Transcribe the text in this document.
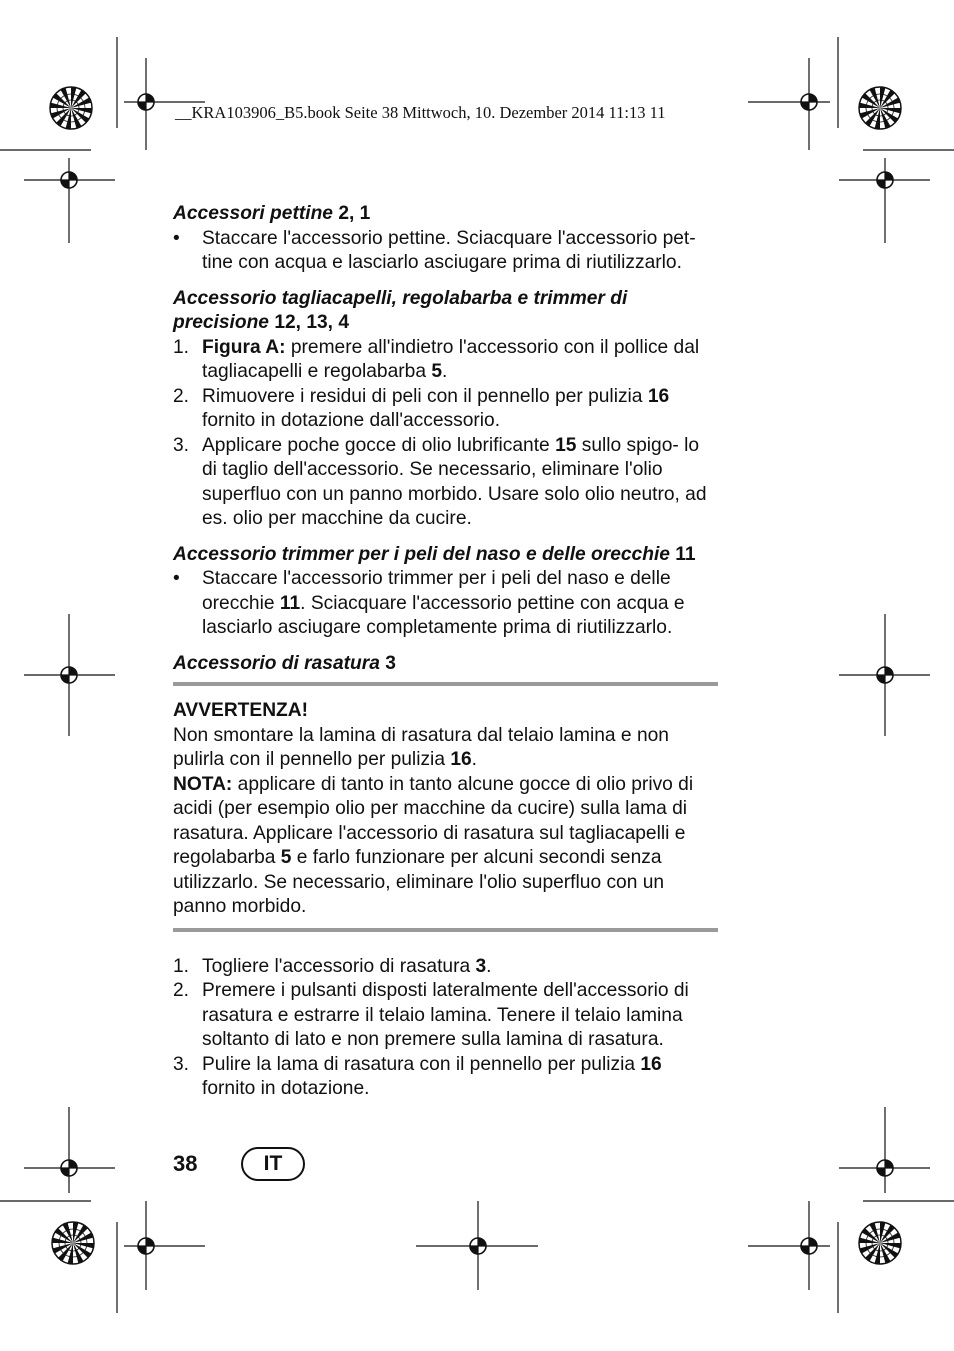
__KRA103906_B5.book Seite 38 Mittwoch, 10. Dezember 2014 11:13 11
Accessori pettine 2, 1
• Staccare l'accessorio pettine. Sciacquare l'accessorio pet- tine con acqua e lasciarlo asciugare prima di riutilizzarlo.
Accessorio tagliacapelli, regolabarba e trimmer di precisione 12, 13, 4
1. Figura A: premere all'indietro l'accessorio con il pollice dal tagliacapelli e regolabarba 5.
2. Rimuovere i residui di peli con il pennello per pulizia 16 fornito in dotazione dall'accessorio.
3. Applicare poche gocce di olio lubrificante 15 sullo spigo- lo di taglio dell'accessorio. Se necessario, eliminare l'olio superfluo con un panno morbido. Usare solo olio neutro, ad es. olio per macchine da cucire.
Accessorio trimmer per i peli del naso e delle orecchie 11
• Staccare l'accessorio trimmer per i peli del naso e delle orecchie 11. Sciacquare l'accessorio pettine con acqua e lasciarlo asciugare completamente prima di riutilizzarlo.
Accessorio di rasatura 3
AVVERTENZA!

Non smontare la lamina di rasatura dal telaio lamina e non pulirla con il pennello per pulizia 16.

NOTA: applicare di tanto in tanto alcune gocce di olio privo di acidi (per esempio olio per macchine da cucire) sulla lama di rasatura. Applicare l'accessorio di rasatura sul tagliacapelli e regolabarba 5 e farlo funzionare per alcuni secondi senza utilizzarlo. Se necessario, eliminare l'olio superfluo con un panno morbido.

1. Togliere l'accessorio di rasatura 3.
2. Premere i pulsanti disposti lateralmente dell'accessorio di rasatura e estrarre il telaio lamina. Tenere il telaio lamina soltanto di lato e non premere sulla lamina di rasatura.
3. Pulire la lama di rasatura con il pennello per pulizia 16 fornito in dotazione.
38	IT
